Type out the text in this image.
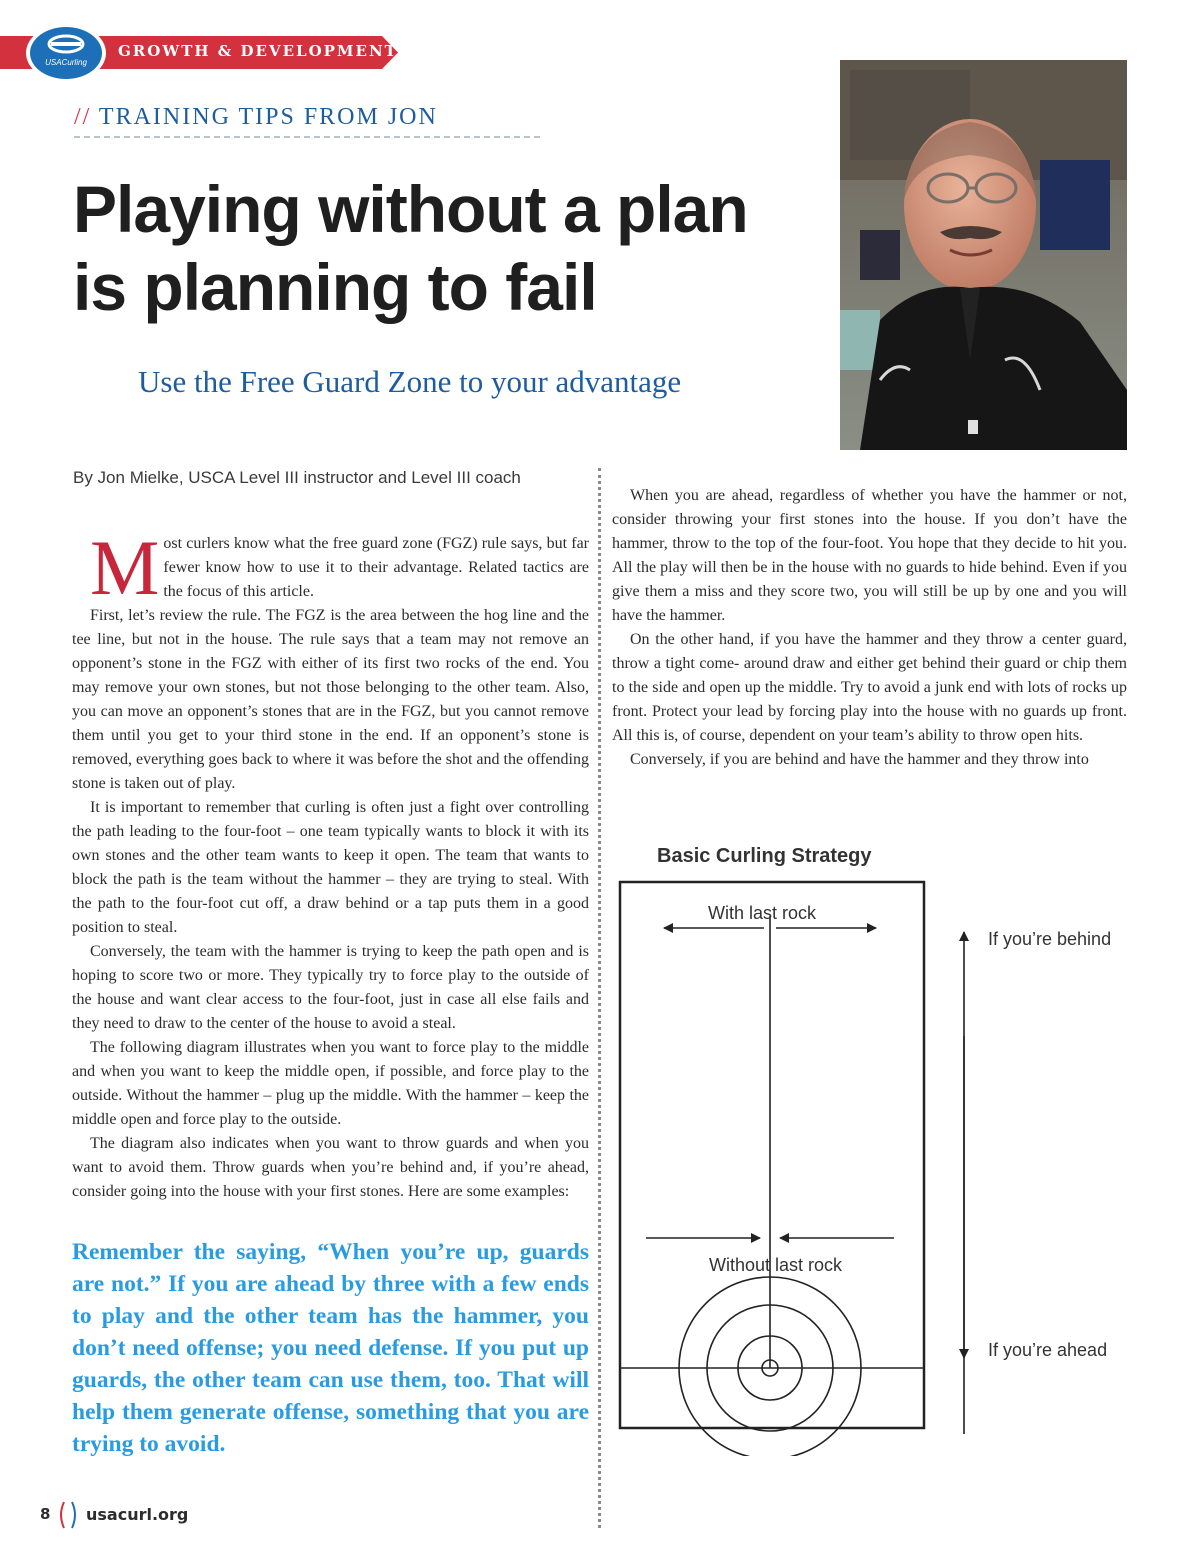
GROWTH & DEVELOPMENT
USACurling
// TRAINING TIPS FROM JON
Playing without a plan
is planning to fail
Use the Free Guard Zone to your advantage
By Jon Mielke, USCA Level III instructor and Level III coach

Most curlers know what the free guard zone (FGZ) rule says, but far fewer know how to use it to their advantage. Related tactics are the focus of this article.

First, let’s review the rule. The FGZ is the area between the hog line and the tee line, but not in the house. The rule says that a team may not remove an opponent’s stone in the FGZ with either of its first two rocks of the end. You may remove your own stones, but not those belonging to the other team. Also, you can move an opponent’s stones that are in the FGZ, but you cannot remove them until you get to your third stone in the end. If an opponent’s stone is removed, everything goes back to where it was before the shot and the offending stone is taken out of play.

It is important to remember that curling is often just a fight over controlling the path leading to the four-foot – one team typically wants to block it with its own stones and the other team wants to keep it open. The team that wants to block the path is the team without the hammer – they are trying to steal. With the path to the four-foot cut off, a draw behind or a tap puts them in a good position to steal.

Conversely, the team with the hammer is trying to keep the path open and is hoping to score two or more. They typically try to force play to the outside of the house and want clear access to the four-foot, just in case all else fails and they need to draw to the center of the house to avoid a steal.

The following diagram illustrates when you want to force play to the middle and when you want to keep the middle open, if possible, and force play to the outside. Without the hammer – plug up the middle. With the hammer – keep the middle open and force play to the outside.

The diagram also indicates when you want to throw guards and when you want to avoid them. Throw guards when you’re behind and, if you’re ahead, consider going into the house with your first stones. Here are some examples:

Remember the saying, “When you’re up, guards are not.” If you are ahead by three with a few ends to play and the other team has the hammer, you don’t need offense; you need defense. If you put up guards, the other team can use them, too. That will help them generate offense, something that you are trying to avoid.

When you are ahead, regardless of whether you have the hammer or not, consider throwing your first stones into the house. If you don’t have the hammer, throw to the top of the four-foot. You hope that they decide to hit you. All the play will then be in the house with no guards to hide behind. Even if you give them a miss and they score two, you will still be up by one and you will have the hammer.

On the other hand, if you have the hammer and they throw a center guard, throw a tight come- around draw and either get behind their guard or chip them to the side and open up the middle. Try to avoid a junk end with lots of rocks up front. Protect your lead by forcing play into the house with no guards up front. All this is, of course, dependent on your team’s ability to throw open hits.

Conversely, if you are behind and have the hammer and they throw into

Basic Curling Strategy
With last rock
Without last rock
If you’re behind
If you’re ahead
8 usacurl.org
